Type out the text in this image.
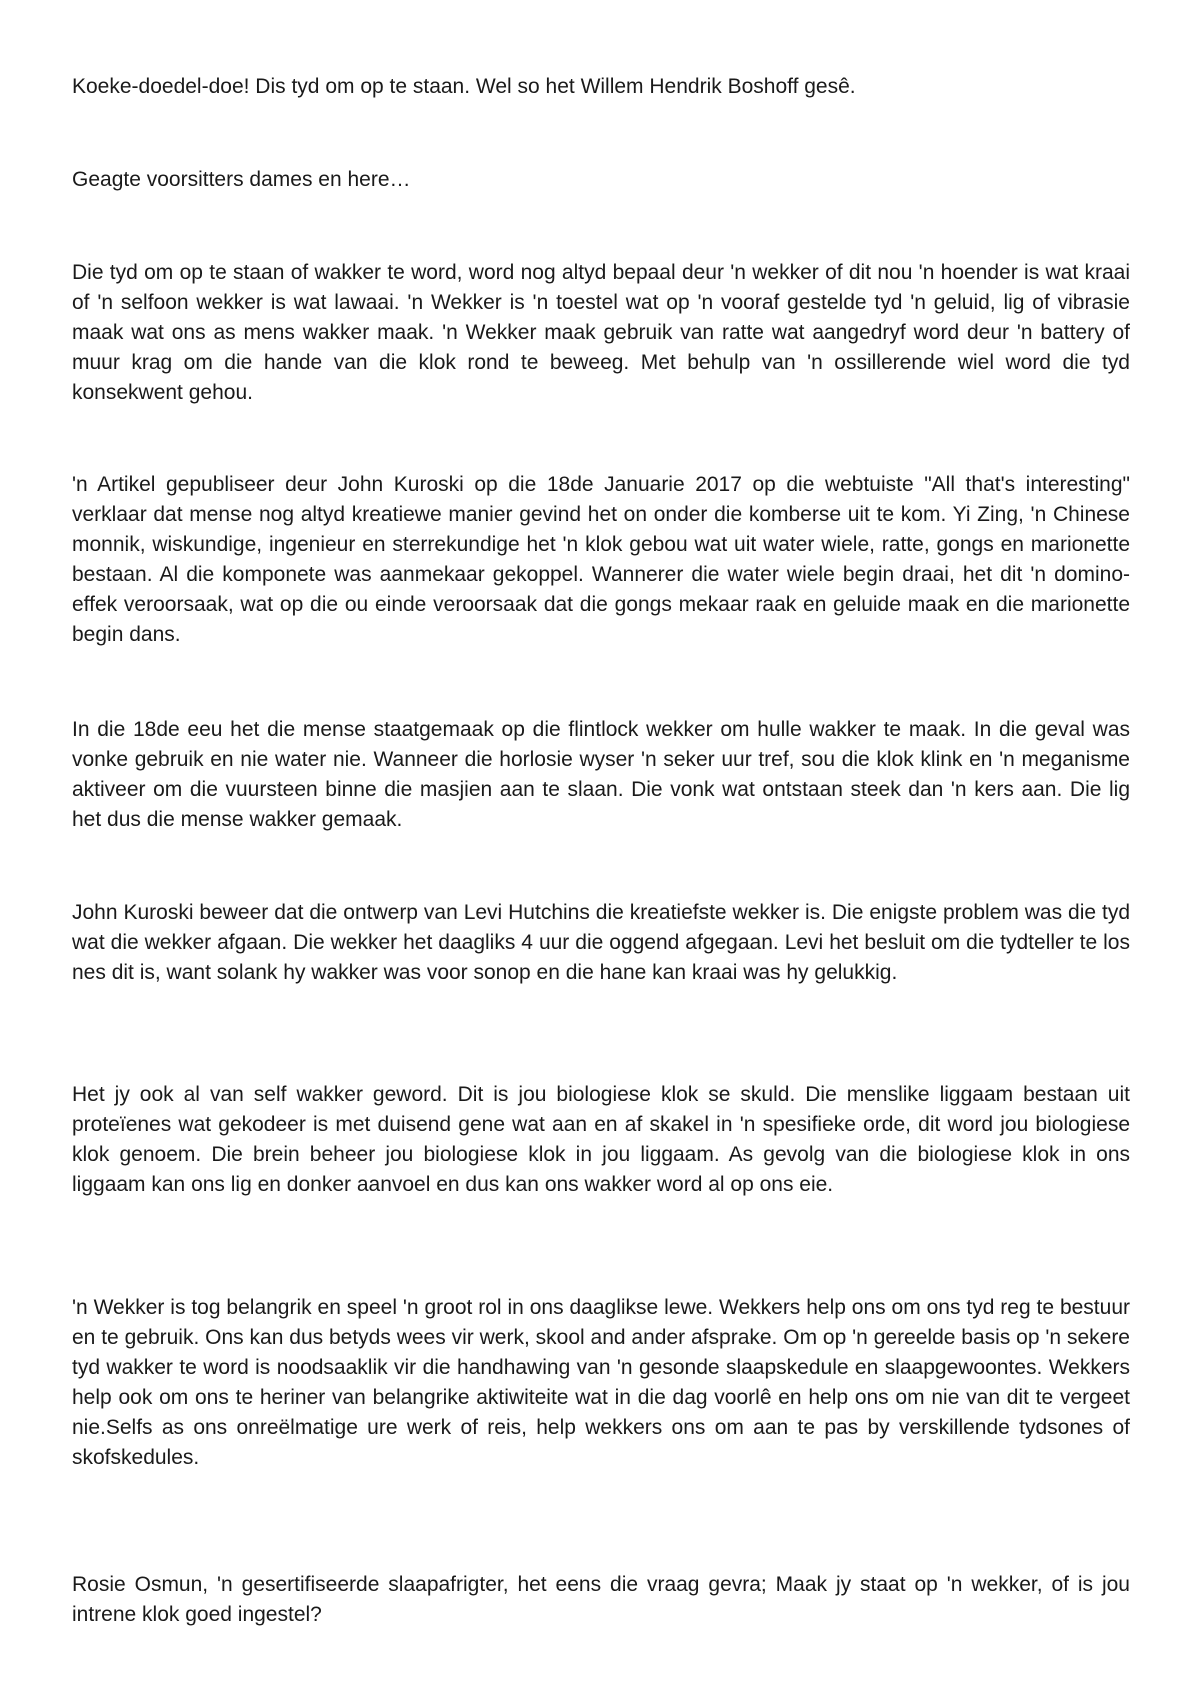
Koeke-doedel-doe! Dis tyd om op te staan. Wel so het Willem Hendrik Boshoff gesê.

Geagte voorsitters dames en here…

Die tyd om op te staan of wakker te word, word nog altyd bepaal deur 'n wekker of dit nou 'n hoender is wat kraai of 'n selfoon wekker is wat lawaai. 'n Wekker is 'n toestel wat op 'n vooraf gestelde tyd 'n geluid, lig of vibrasie maak wat ons as mens wakker maak. 'n Wekker maak gebruik van ratte wat aangedryf word deur 'n battery of muur krag om die hande van die klok rond te beweeg. Met behulp van 'n ossillerende wiel word die tyd konsekwent gehou.

'n Artikel gepubliseer deur John Kuroski op die 18de Januarie 2017 op die webtuiste "All that's interesting" verklaar dat mense nog altyd kreatiewe manier gevind het on onder die komberse uit te kom. Yi Zing, 'n Chinese monnik, wiskundige, ingenieur en sterrekundige het 'n klok gebou wat uit water wiele, ratte, gongs en marionette bestaan. Al die komponete was aanmekaar gekoppel. Wannerer die water wiele begin draai, het dit 'n domino-effek veroorsaak, wat op die ou einde veroorsaak dat die gongs mekaar raak en geluide maak en die marionette begin dans.

In die 18de eeu het die mense staatgemaak op die flintlock wekker om hulle wakker te maak. In die geval was vonke gebruik en nie water nie. Wanneer die horlosie wyser 'n seker uur tref, sou die klok klink en 'n meganisme aktiveer om die vuursteen binne die masjien aan te slaan. Die vonk wat ontstaan steek dan 'n kers aan. Die lig het dus die mense wakker gemaak.

John Kuroski beweer dat die ontwerp van Levi Hutchins die kreatiefste wekker is. Die enigste problem was die tyd wat die wekker afgaan. Die wekker het daagliks 4 uur die oggend afgegaan. Levi het besluit om die tydteller te los nes dit is, want solank hy wakker was voor sonop en die hane kan kraai was hy gelukkig.

Het jy ook al van self wakker geword. Dit is jou biologiese klok se skuld. Die menslike liggaam bestaan uit proteïenes wat gekodeer is met duisend gene wat aan en af skakel in 'n spesifieke orde, dit word jou biologiese klok genoem. Die brein beheer jou biologiese klok in jou liggaam. As gevolg van die biologiese klok in ons liggaam kan ons lig en donker aanvoel en dus kan ons wakker word al op ons eie.

'n Wekker is tog belangrik en speel 'n groot rol in ons daaglikse lewe. Wekkers help ons om ons tyd reg te bestuur en te gebruik. Ons kan dus betyds wees vir werk, skool and ander afsprake. Om op 'n gereelde basis op 'n sekere tyd wakker te word is noodsaaklik vir die handhawing van 'n gesonde slaapskedule en slaapgewoontes. Wekkers help ook om ons te heriner van belangrike aktiwiteite wat in die dag voorlê en help ons om nie van dit te vergeet nie.Selfs as ons onreëlmatige ure werk of reis, help wekkers ons om aan te pas by verskillende tydsones of skofskedules.

Rosie Osmun, 'n gesertifiseerde slaapafrigter, het eens die vraag gevra; Maak jy staat op 'n wekker, of is jou intrene klok goed ingestel?
